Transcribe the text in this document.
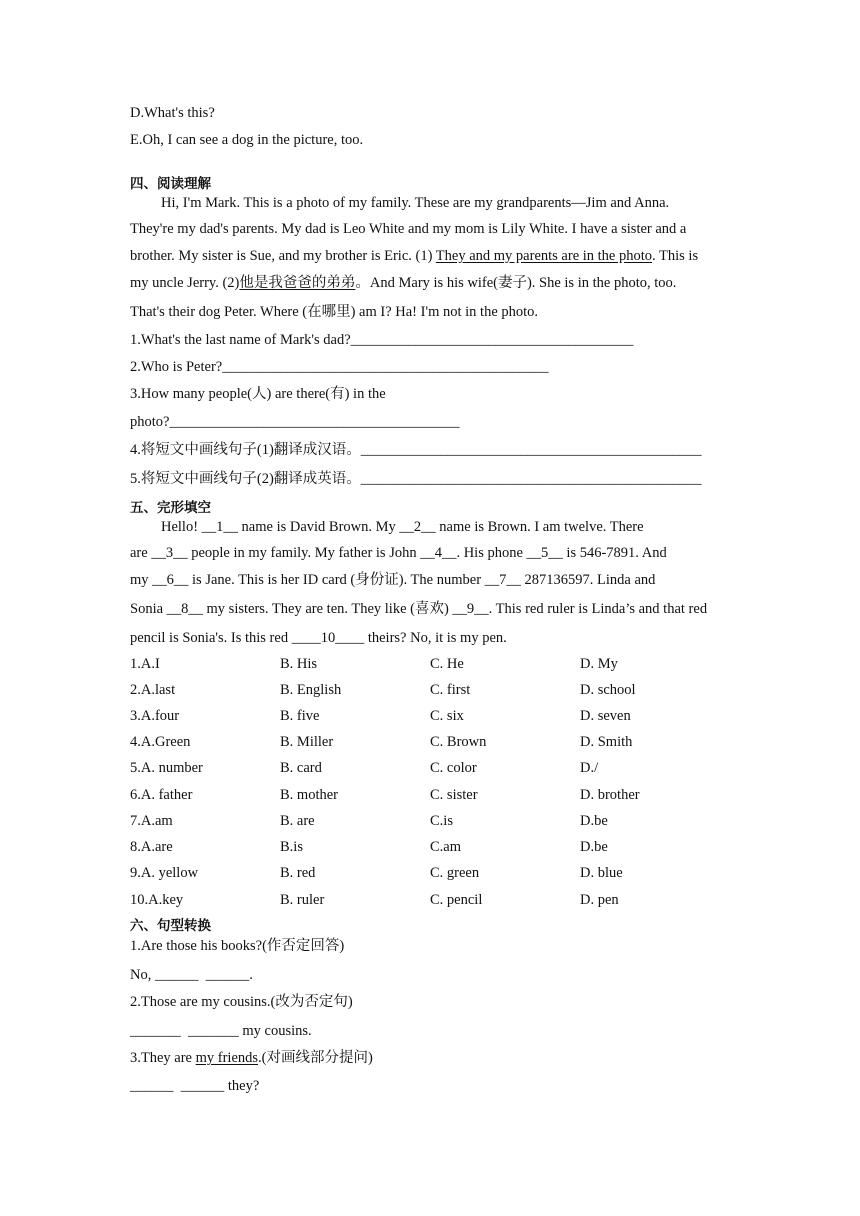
D.What's this?
E.Oh, I can see a dog in the picture, too.
四、阅读理解
Hi, I'm Mark. This is a photo of my family. These are my grandparents—Jim and Anna.
They're my dad's parents. My dad is Leo White and my mom is Lily White. I have a sister and a
brother. My sister is Sue, and my brother is Eric. (1) They and my parents are in the photo. This is
my uncle Jerry. (2)他是我爸爸的弟弟。And Mary is his wife(妻子). She is in the photo, too.
That's their dog Peter. Where (在哪里) am I? Ha! I'm not in the photo.
1.What's the last name of Mark's dad?_______________________________________
2.Who is Peter?_____________________________________________
3.How many people(人) are there(有) in the
photo?________________________________________
4.将短文中画线句子(1)翻译成汉语。_______________________________________________
5.将短文中画线句子(2)翻译成英语。_______________________________________________
五、完形填空
Hello! __1__ name is David Brown. My __2__ name is Brown. I am twelve. There
are __3__ people in my family. My father is John __4__. His phone __5__ is 546-7891. And
my __6__ is Jane. This is her ID card (身份证). The number __7__ 287136597. Linda and
Sonia __8__ my sisters. They are ten. They like (喜欢) __9__. This red ruler is Linda’s and that red
pencil is Sonia's. Is this red ____10____ theirs? No, it is my pen.
1.A.I	B. His	C. He	D. My
2.A.last	B. English	C. first	D. school
3.A.four	B. five	C. six	D. seven
4.A.Green	B. Miller	C. Brown	D. Smith
5.A. number	B. card	C. color	D./
6.A. father	B. mother	C. sister	D. brother
7.A.am	B. are	C.is	D.be
8.A.are	B.is	C.am	D.be
9.A. yellow	B. red	C. green	D. blue
10.A.key	B. ruler	C. pencil	D. pen
六、句型转换
1.Are those his books?(作否定回答)
No, ______  ______.
2.Those are my cousins.(改为否定句)
_______  _______ my cousins.
3.They are my friends.(对画线部分提问)
______  ______ they?
